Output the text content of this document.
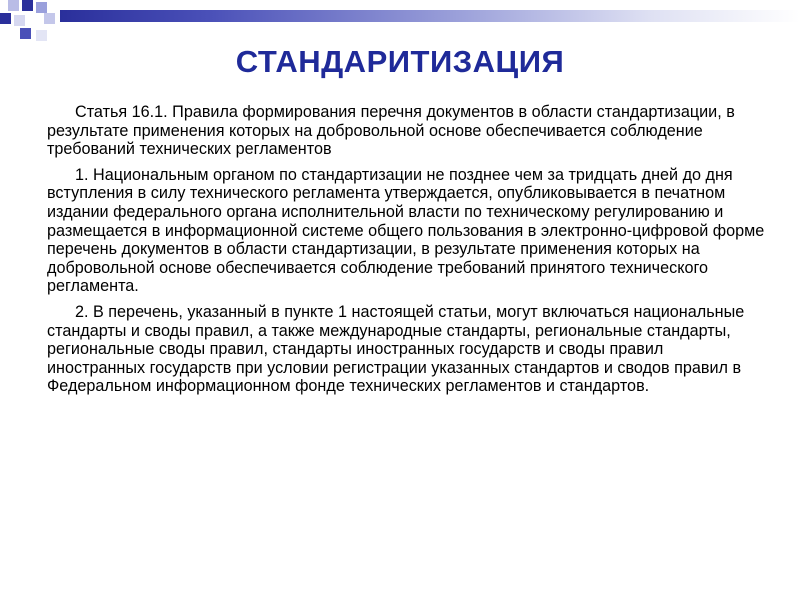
СТАНДАРИТИЗАЦИЯ

Статья 16.1. Правила формирования перечня документов в области стандартизации, в результате применения которых на добровольной основе обеспечивается соблюдение требований технических регламентов

1. Национальным органом по стандартизации не позднее чем за тридцать дней до дня вступления в силу технического регламента утверждается, опубликовывается в печатном издании федерального органа исполнительной власти по техническому регулированию и размещается в информационной системе общего пользования в электронно-цифровой форме перечень документов в области стандартизации, в результате применения которых на добровольной основе обеспечивается соблюдение требований принятого технического регламента.

2. В перечень, указанный в пункте 1 настоящей статьи, могут включаться национальные стандарты и своды правил, а также международные стандарты, региональные стандарты, региональные своды правил, стандарты иностранных государств и своды правил иностранных государств при условии регистрации указанных стандартов и сводов правил в Федеральном информационном фонде технических регламентов и стандартов.
